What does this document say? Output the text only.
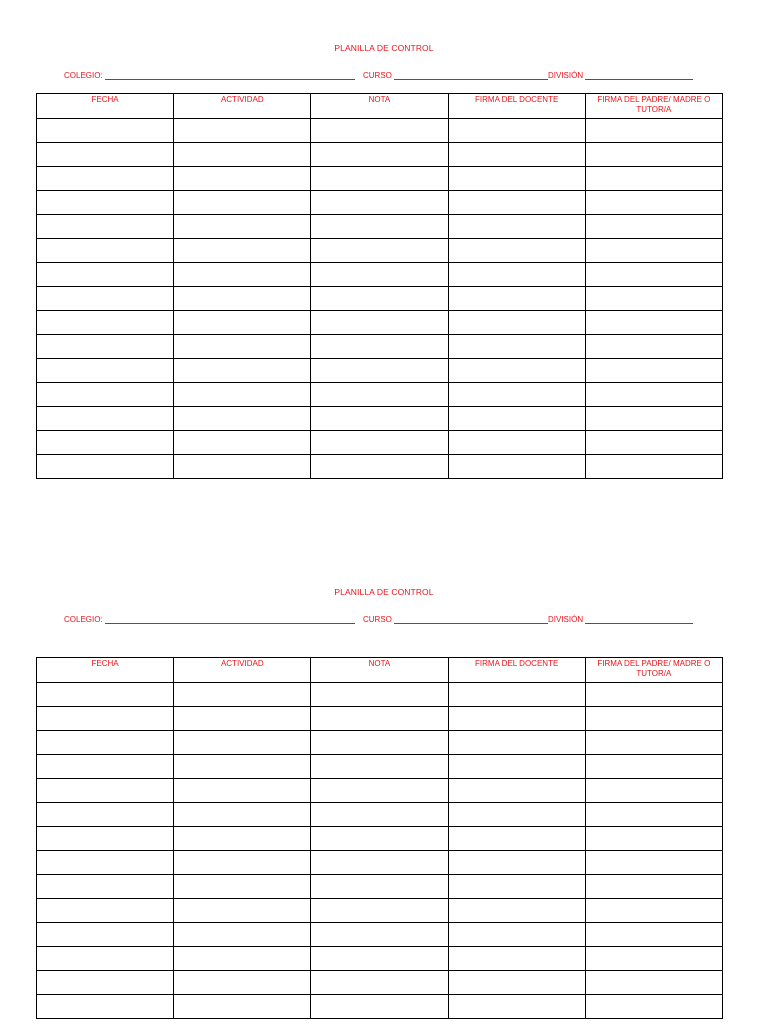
PLANILLA DE CONTROL
COLEGIO:	CURSO	DIVISIÓN
FECHA	ACTIVIDAD	NOTA	FIRMA DEL DOCENTE	FIRMA DEL PADRE/ MADRE O TUTOR/A

PLANILLA DE CONTROL
COLEGIO:	CURSO	DIVISIÓN
FECHA	ACTIVIDAD	NOTA	FIRMA DEL DOCENTE	FIRMA DEL PADRE/ MADRE O TUTOR/A
